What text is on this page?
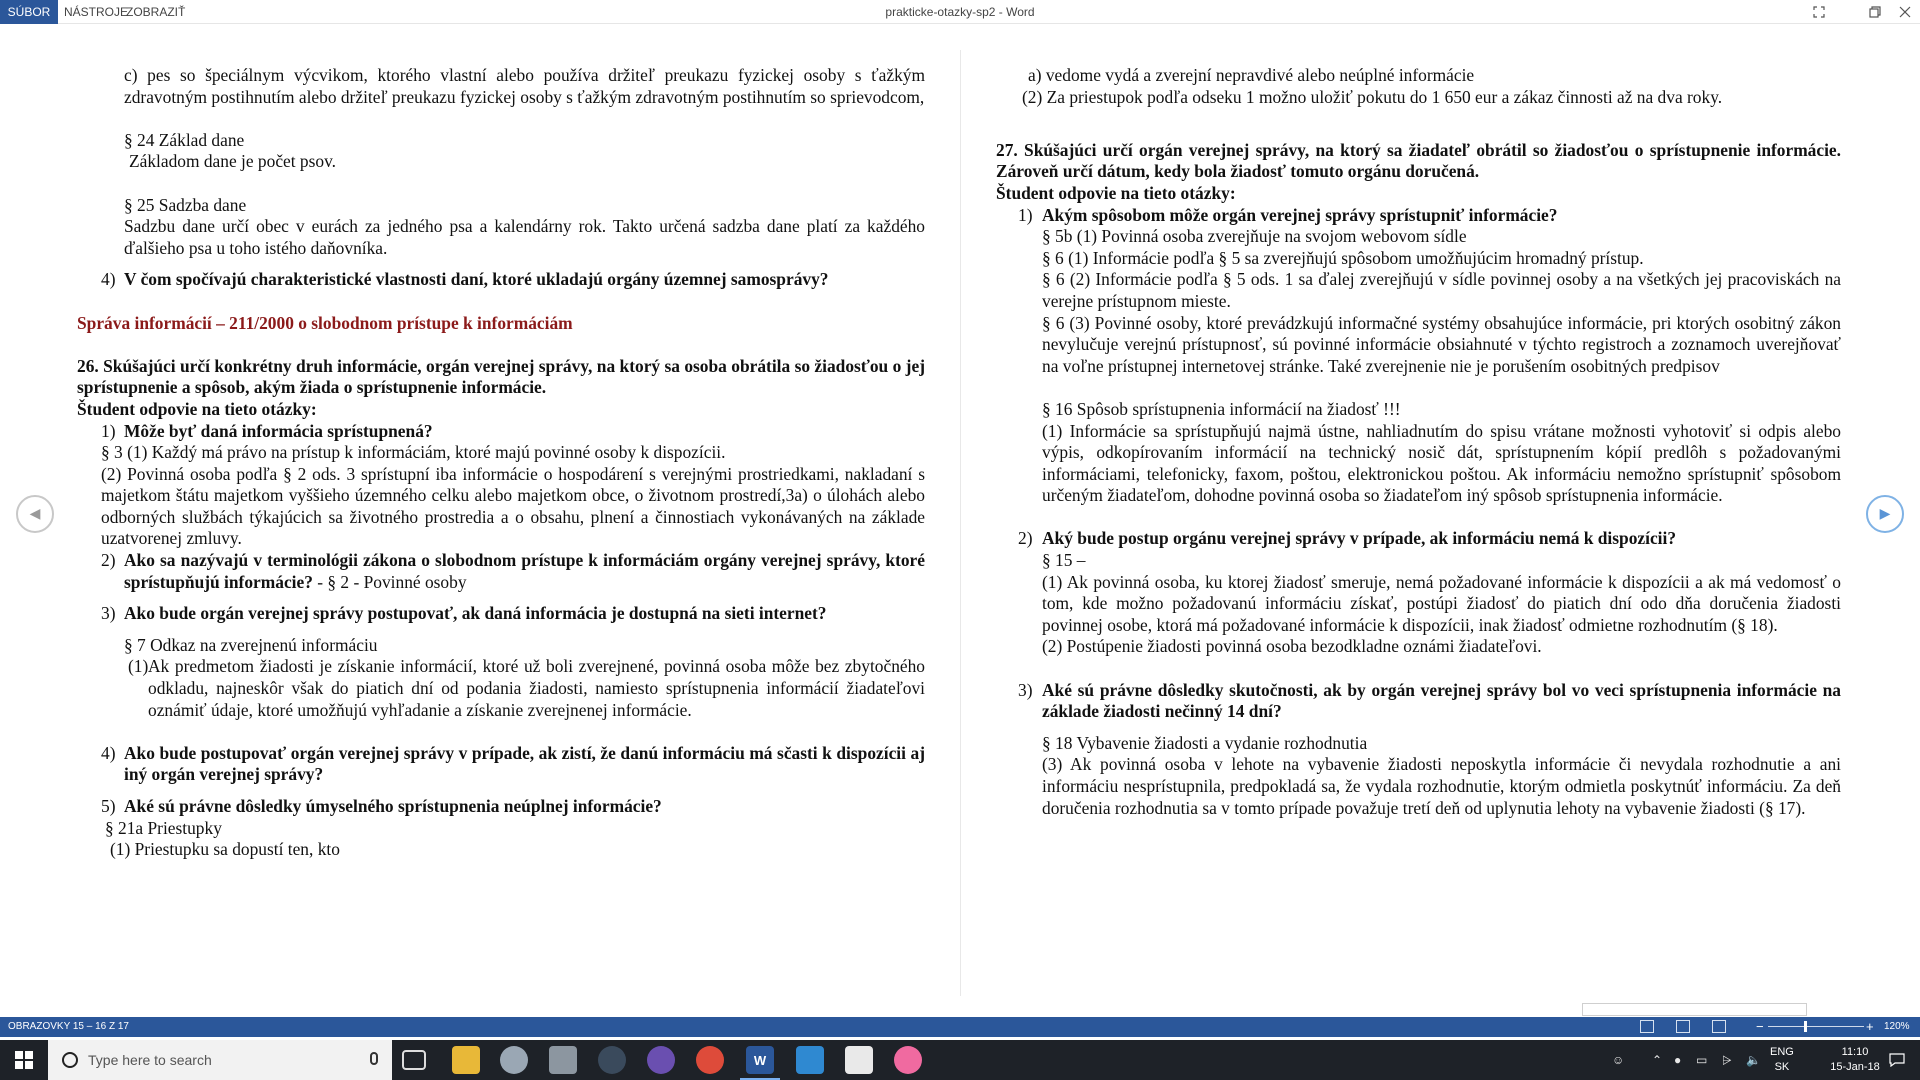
SÚBOR	NÁSTROJE
ZOBRAZIŤ	prakticke-otazky-sp2 - Word

c) pes so špeciálnym výcvikom, ktorého vlastní alebo používa držiteľ preukazu fyzickej osoby s ťažkým zdravotným postihnutím alebo držiteľ preukazu fyzickej osoby s ťažkým zdravotným postihnutím so sprievodcom,

§ 24 Základ dane

Základom dane je počet psov.

§ 25 Sadzba dane

Sadzbu dane určí obec v eurách za jedného psa a kalendárny rok. Takto určená sadzba dane platí za každého ďalšieho psa u toho istého daňovníka.

4) V čom spočívajú charakteristické vlastnosti daní, ktoré ukladajú orgány územnej samosprávy?

Správa informácií – 211/2000 o slobodnom prístupe k informáciám

26. Skúšajúci určí konkrétny druh informácie, orgán verejnej správy, na ktorý sa osoba obrátila so žiadosťou o jej sprístupnenie a spôsob, akým žiada o sprístupnenie informácie.

Študent odpovie na tieto otázky:

1) Môže byť daná informácia sprístupnená?

§ 3 (1) Každý má právo na prístup k informáciám, ktoré majú povinné osoby k dispozícii.

(2) Povinná osoba podľa § 2 ods. 3 sprístupní iba informácie o hospodárení s verejnými prostriedkami, nakladaní s majetkom štátu majetkom vyššieho územného celku alebo majetkom obce, o životnom prostredí,3a) o úlohách alebo odborných službách týkajúcich sa životného prostredia a o obsahu, plnení a činnostiach vykonávaných na základe uzatvorenej zmluvy.

2) Ako sa nazývajú v terminológii zákona o slobodnom prístupe k informáciám orgány verejnej správy, ktoré sprístupňujú informácie? - § 2 - Povinné osoby
3) Ako bude orgán verejnej správy postupovať, ak daná informácia je dostupná na sieti internet?

§ 7 Odkaz na zverejnenú informáciu

(1) Ak predmetom žiadosti je získanie informácií, ktoré už boli zverejnené, povinná osoba môže bez zbytočného odkladu, najneskôr však do piatich dní od podania žiadosti, namiesto sprístupnenia informácií žiadateľovi oznámiť údaje, ktoré umožňujú vyhľadanie a získanie zverejnenej informácie.
4) Ako bude postupovať orgán verejnej správy v prípade, ak zistí, že danú informáciu má sčasti k dispozícii aj iný orgán verejnej správy?
5) Aké sú právne dôsledky úmyselného sprístupnenia neúplnej informácie?

§ 21a Priestupky

(1) Priestupku sa dopustí ten, kto

a) vedome vydá a zverejní nepravdivé alebo neúplné informácie

(2) Za priestupok podľa odseku 1 možno uložiť pokutu do 1 650 eur a zákaz činnosti až na dva roky.

27. Skúšajúci určí orgán verejnej správy, na ktorý sa žiadateľ obrátil so žiadosťou o sprístupnenie informácie. Zároveň určí dátum, kedy bola žiadosť tomuto orgánu doručená.

Študent odpovie na tieto otázky:

1) Akým spôsobom môže orgán verejnej správy sprístupniť informácie?

§ 5b (1) Povinná osoba zverejňuje na svojom webovom sídle

§ 6 (1) Informácie podľa § 5 sa zverejňujú spôsobom umožňujúcim hromadný prístup.

§ 6 (2) Informácie podľa § 5 ods. 1 sa ďalej zverejňujú v sídle povinnej osoby a na všetkých jej pracoviskách na verejne prístupnom mieste.

§ 6 (3) Povinné osoby, ktoré prevádzkujú informačné systémy obsahujúce informácie, pri ktorých osobitný zákon nevylučuje verejnú prístupnosť, sú povinné informácie obsiahnuté v týchto registroch a zoznamoch uverejňovať na voľne prístupnej internetovej stránke. Také zverejnenie nie je porušením osobitných predpisov

§ 16 Spôsob sprístupnenia informácií na žiadosť !!!

(1) Informácie sa sprístupňujú najmä ústne, nahliadnutím do spisu vrátane možnosti vyhotoviť si odpis alebo výpis, odkopírovaním informácií na technický nosič dát, sprístupnením kópií predlôh s požadovanými informáciami, telefonicky, faxom, poštou, elektronickou poštou. Ak informáciu nemožno sprístupniť spôsobom určeným žiadateľom, dohodne povinná osoba so žiadateľom iný spôsob sprístupnenia informácie.

2) Aký bude postup orgánu verejnej správy v prípade, ak informáciu nemá k dispozícii?

§ 15 –

(1) Ak povinná osoba, ku ktorej žiadosť smeruje, nemá požadované informácie k dispozícii a ak má vedomosť o tom, kde možno požadovanú informáciu získať, postúpi žiadosť do piatich dní odo dňa doručenia žiadosti povinnej osobe, ktorá má požadované informácie k dispozícii, inak žiadosť odmietne rozhodnutím (§ 18).

(2) Postúpenie žiadosti povinná osoba bezodkladne oznámi žiadateľovi.

3) Aké sú právne dôsledky skutočnosti, ak by orgán verejnej správy bol vo veci sprístupnenia informácie na základe žiadosti nečinný 14 dní?

§ 18 Vybavenie žiadosti a vydanie rozhodnutia

(3) Ak povinná osoba v lehote na vybavenie žiadosti neposkytla informácie či nevydala rozhodnutie a ani informáciu nesprístupnila, predpokladá sa, že vydala rozhodnutie, ktorým odmietla poskytnúť informáciu. Za deň doručenia rozhodnutia sa v tomto prípade považuje tretí deň od uplynutia lehoty na vybavenie žiadosti (§ 17).

◀	▶
OBRAZOVKY 15 – 16 Z 17	−	+ 120%
Type here to search	W	☺ ⌃ ● ▭ ⩥ 🔈
ENG
SK
11:10
15-Jan-18
